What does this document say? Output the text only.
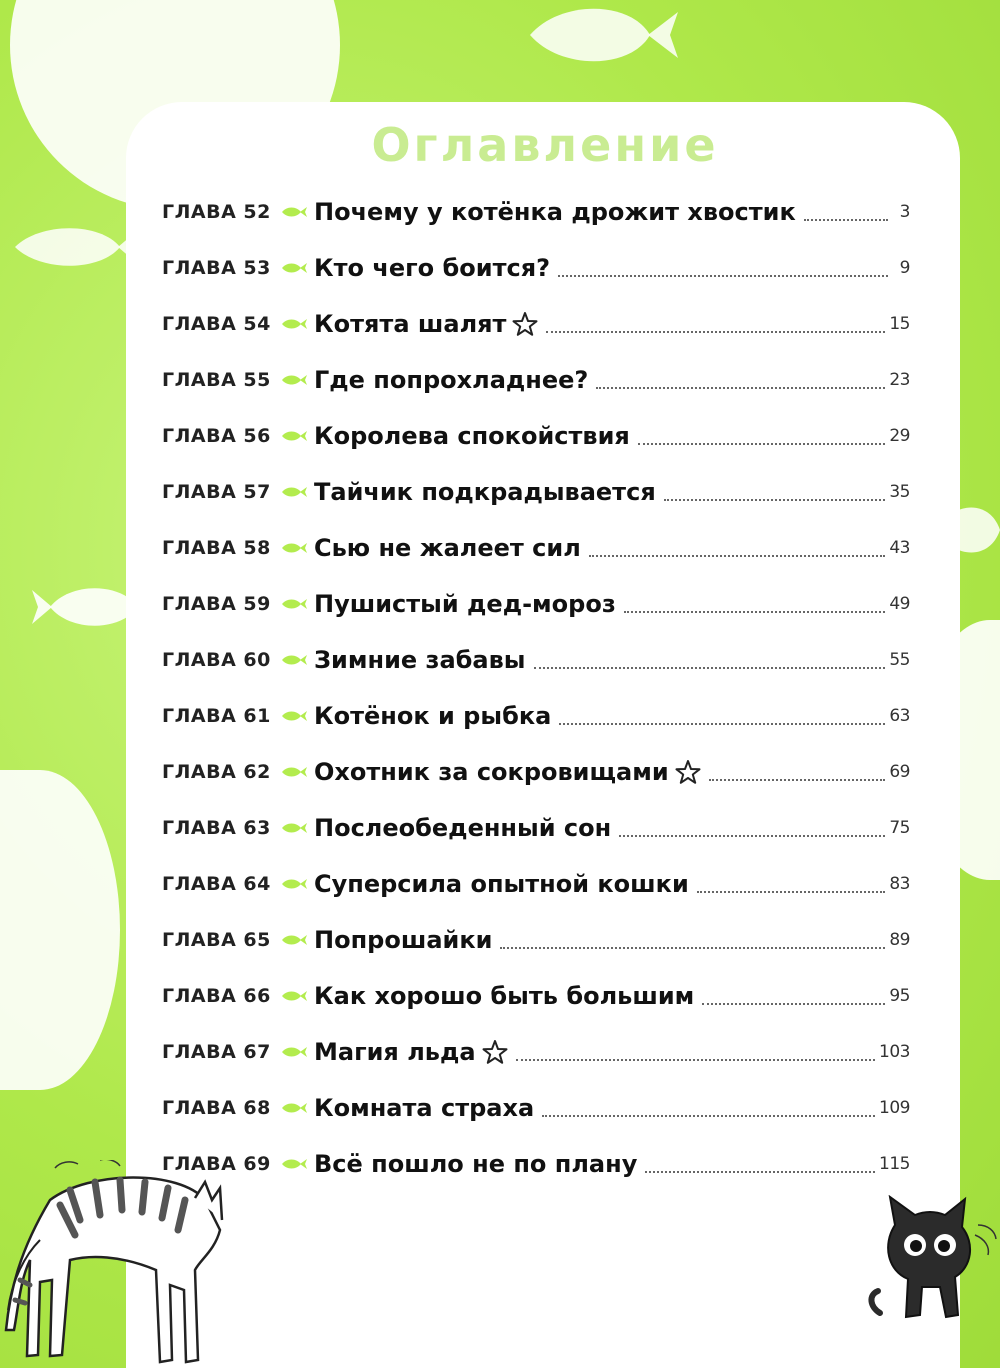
Оглавление
ГЛАВА 52 Почему у котёнка дрожит хвостик	3
ГЛАВА 53 Кто чего боится?	9
ГЛАВА 54 Котята шалят	15
ГЛАВА 55 Где попрохладнее?	23
ГЛАВА 56 Королева спокойствия	29
ГЛАВА 57 Тайчик подкрадывается	35
ГЛАВА 58 Сью не жалеет сил	43
ГЛАВА 59 Пушистый дед-мороз	49
ГЛАВА 60 Зимние забавы	55
ГЛАВА 61 Котёнок и рыбка	63
ГЛАВА 62 Охотник за сокровищами	69
ГЛАВА 63 Послеобеденный сон	75
ГЛАВА 64 Суперсила опытной кошки	83
ГЛАВА 65 Попрошайки	89
ГЛАВА 66 Как хорошо быть большим	95
ГЛАВА 67 Магия льда	103
ГЛАВА 68 Комната страха	109
ГЛАВА 69 Всё пошло не по плану	115
